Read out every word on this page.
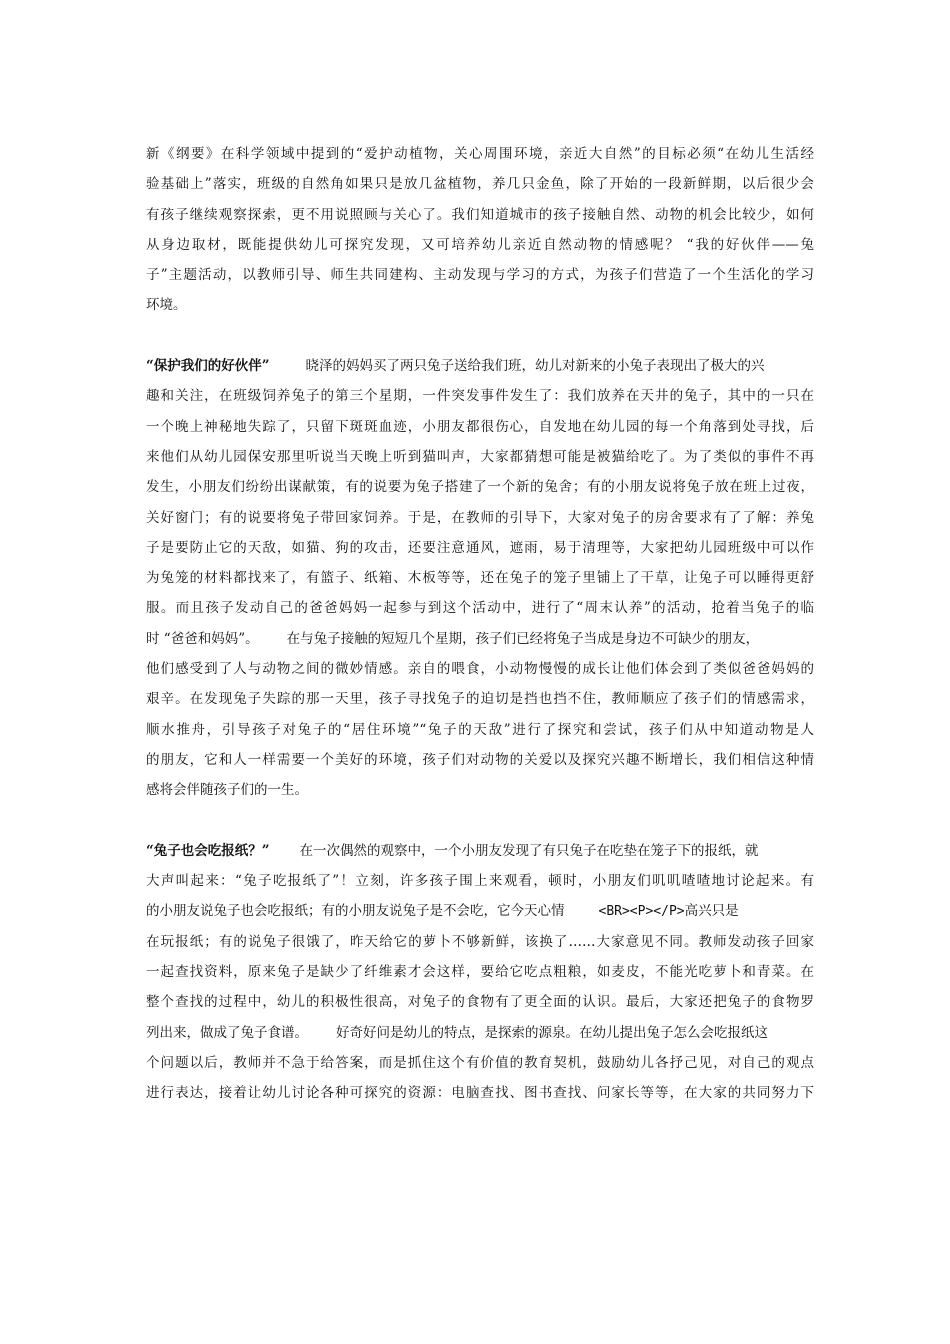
新《纲要》在科学领域中提到的“爱护动植物，关心周围环境，亲近大自然”的目标必须“在幼儿生活经
验基础上”落实，班级的自然角如果只是放几盆植物，养几只金鱼，除了开始的一段新鲜期，以后很少会
有孩子继续观察探索，更不用说照顾与关心了。我们知道城市的孩子接触自然、动物的机会比较少，如何
从身边取材，既能提供幼儿可探究发现，又可培养幼儿亲近自然动物的情感呢？ “我的好伙伴——兔
子”主题活动，以教师引导、师生共同建构、主动发现与学习的方式，为孩子们营造了一个生活化的学习
环境。
“保护我们的好伙伴”	晓泽的妈妈买了两只兔子送给我们班，幼儿对新来的小兔子表现出了极大的兴
趣和关注，在班级饲养兔子的第三个星期，一件突发事件发生了：我们放养在天井的兔子，其中的一只在
一个晚上神秘地失踪了，只留下斑斑血迹，小朋友都很伤心，自发地在幼儿园的每一个角落到处寻找，后
来他们从幼儿园保安那里听说当天晚上听到猫叫声，大家都猜想可能是被猫给吃了。为了类似的事件不再
发生，小朋友们纷纷出谋献策，有的说要为兔子搭建了一个新的兔舍；有的小朋友说将兔子放在班上过夜，
关好窗门；有的说要将兔子带回家饲养。于是，在教师的引导下，大家对兔子的房舍要求有了了解：养兔
子是要防止它的天敌，如猫、狗的攻击，还要注意通风，遮雨，易于清理等，大家把幼儿园班级中可以作
为兔笼的材料都找来了，有篮子、纸箱、木板等等，还在兔子的笼子里铺上了干草，让兔子可以睡得更舒
服。而且孩子发动自己的爸爸妈妈一起参与到这个活动中，进行了“周末认养”的活动，抢着当兔子的临
时 “爸爸和妈妈”。 在与兔子接触的短短几个星期，孩子们已经将兔子当成是身边不可缺少的朋友，
他们感受到了人与动物之间的微妙情感。亲自的喂食，小动物慢慢的成长让他们体会到了类似爸爸妈妈的
艰辛。在发现兔子失踪的那一天里，孩子寻找兔子的迫切是挡也挡不住，教师顺应了孩子们的情感需求，
顺水推舟，引导孩子对兔子的“居住环境”“兔子的天敌”进行了探究和尝试，孩子们从中知道动物是人
的朋友，它和人一样需要一个美好的环境，孩子们对动物的关爱以及探究兴趣不断增长，我们相信这种情
感将会伴随孩子们的一生。
“兔子也会吃报纸？” 在一次偶然的观察中，一个小朋友发现了有只兔子在吃垫在笼子下的报纸，就
大声叫起来：“兔子吃报纸了”！立刻，许多孩子围上来观看，顿时，小朋友们叽叽喳喳地讨论起来。有
的小朋友说兔子也会吃报纸；有的小朋友说兔子是不会吃，它今天心情	<BR><P></P>高兴只是
在玩报纸；有的说兔子很饿了，昨天给它的萝卜不够新鲜，该换了……大家意见不同。教师发动孩子回家
一起查找资料，原来兔子是缺少了纤维素才会这样，要给它吃点粗粮，如麦皮，不能光吃萝卜和青菜。在
整个查找的过程中，幼儿的积极性很高，对兔子的食物有了更全面的认识。最后，大家还把兔子的食物罗
列出来，做成了兔子食谱。 好奇好问是幼儿的特点，是探索的源泉。在幼儿提出兔子怎么会吃报纸这
个问题以后，教师并不急于给答案，而是抓住这个有价值的教育契机，鼓励幼儿各抒己见，对自己的观点
进行表达，接着让幼儿讨论各种可探究的资源：电脑查找、图书查找、问家长等等，在大家的共同努力下
